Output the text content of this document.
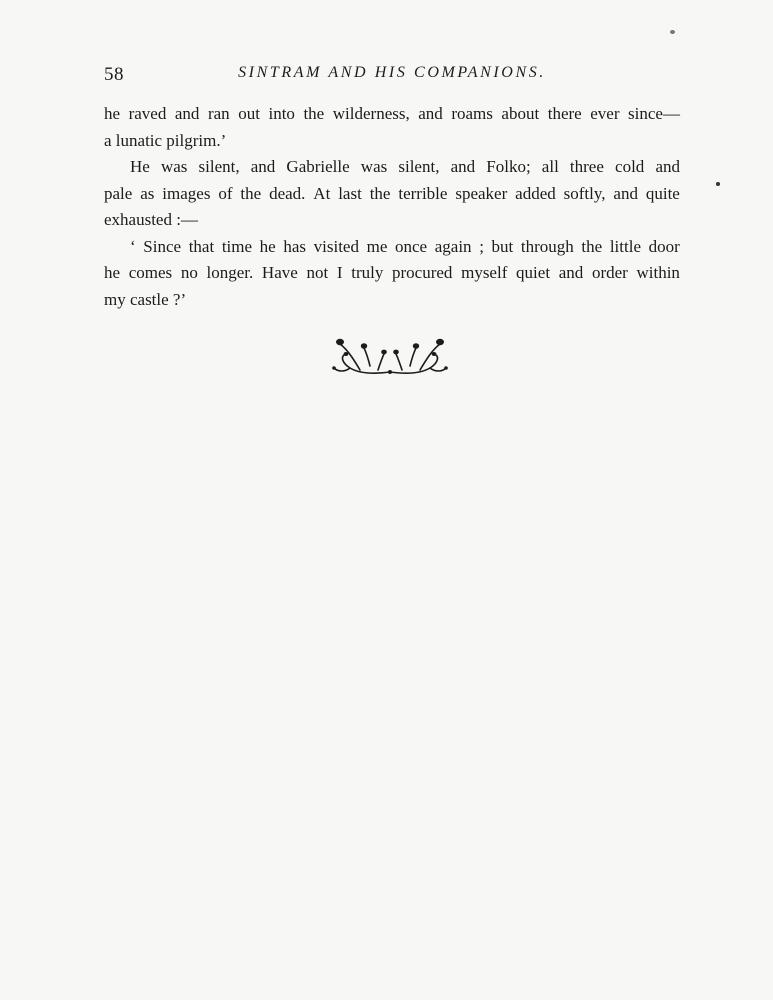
58	SINTRAM AND HIS COMPANIONS.
he raved and ran out into the wilderness, and roams about there ever since—
a lunatic pilgrim.’
He was silent, and Gabrielle was silent, and Folko; all three cold and
pale as images of the dead. At last the terrible speaker added softly, and quite
exhausted :—
‘ Since that time he has visited me once again ; but through the little door
he comes no longer. Have not I truly procured myself quiet and order within
my castle ?’
